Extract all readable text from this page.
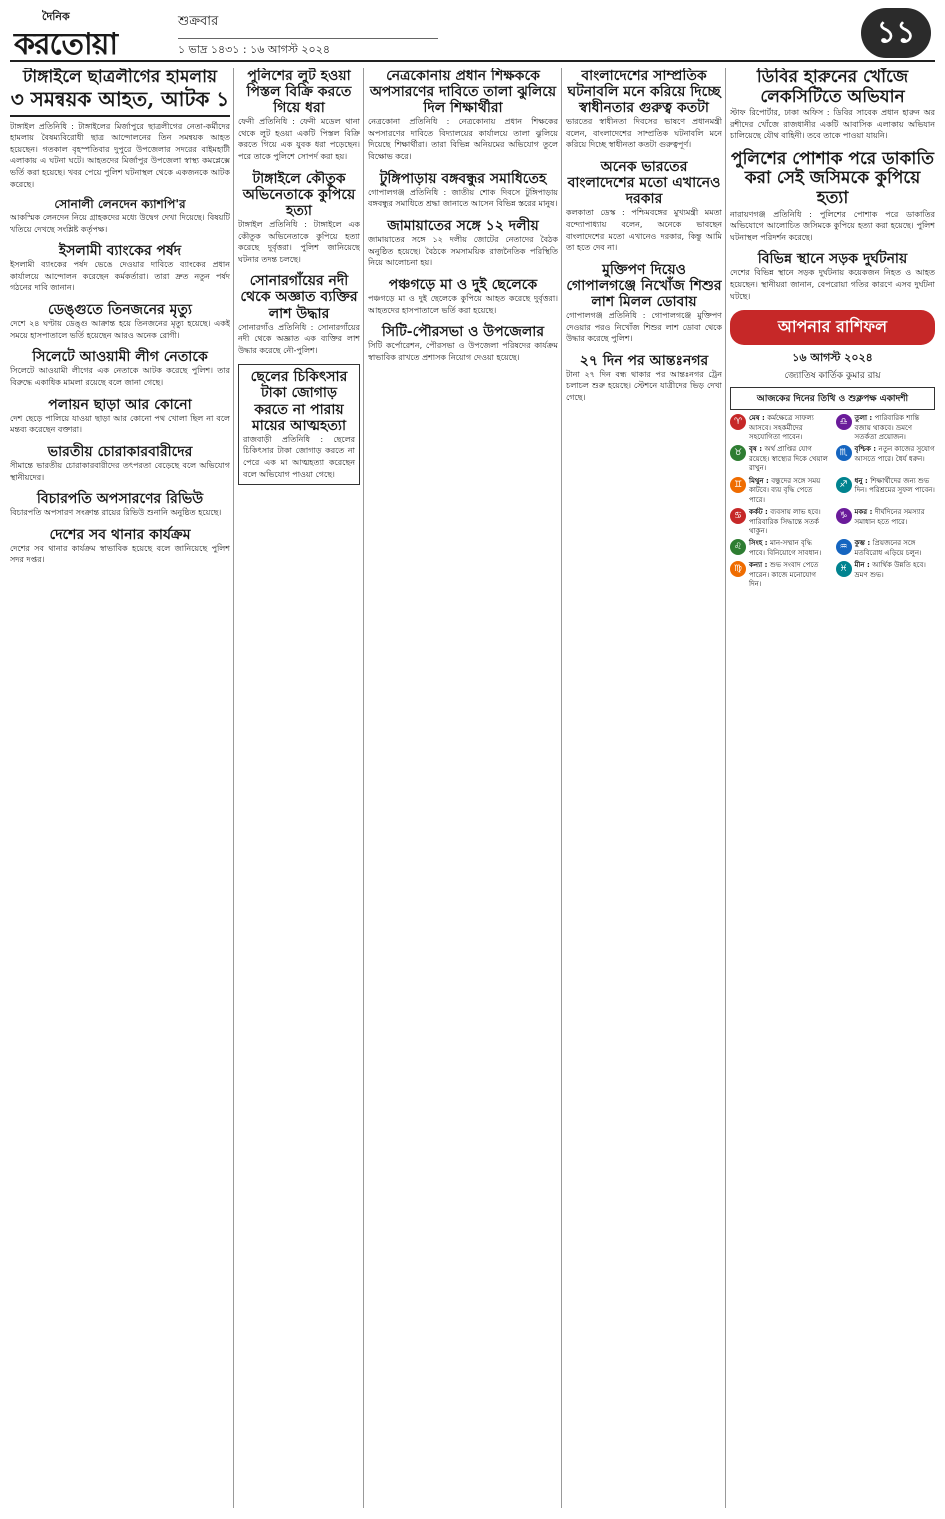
দৈনিক
করতোয়া
শুক্রবার
১ ভাদ্র ১৪৩১ : ১৬ আগস্ট ২০২৪	১১
টাঙ্গাইলে ছাত্রলীগের হামলায়
৩ সমন্বয়ক আহত, আটক ১
টাঙ্গাইল প্রতিনিধি : টাঙ্গাইলের মির্জাপুরে ছাত্রলীগের নেতা-কর্মীদের হামলায় বৈষম্যবিরোধী ছাত্র আন্দোলনের তিন সমন্বয়ক আহত হয়েছেন। গতকাল বৃহস্পতিবার দুপুরে উপজেলার সদরের বাইমহাটী এলাকায় এ ঘটনা ঘটে। আহতদের মির্জাপুর উপজেলা স্বাস্থ্য কমপ্লেক্সে ভর্তি করা হয়েছে। খবর পেয়ে পুলিশ ঘটনাস্থল থেকে একজনকে আটক করেছে।
সোনালী লেনদেন ক্যাশপি'র
আকস্মিক লেনদেন নিয়ে গ্রাহকদের মধ্যে উদ্বেগ দেখা দিয়েছে। বিষয়টি খতিয়ে দেখছে সংশ্লিষ্ট কর্তৃপক্ষ।
ইসলামী ব্যাংকের পর্ষদ
ইসলামী ব্যাংকের পর্ষদ ভেঙে দেওয়ার দাবিতে ব্যাংকের প্রধান কার্যালয়ে আন্দোলন করেছেন কর্মকর্তারা। তারা দ্রুত নতুন পর্ষদ গঠনের দাবি জানান।
ডেঙ্গুতে তিনজনের মৃত্যু
দেশে ২৪ ঘণ্টায় ডেঙ্গু আক্রান্ত হয়ে তিনজনের মৃত্যু হয়েছে। একই সময়ে হাসপাতালে ভর্তি হয়েছেন আরও অনেক রোগী।
সিলেটে আওয়ামী লীগ নেতাকে
সিলেটে আওয়ামী লীগের এক নেতাকে আটক করেছে পুলিশ। তার বিরুদ্ধে একাধিক মামলা রয়েছে বলে জানা গেছে।
পলায়ন ছাড়া আর কোনো
দেশ ছেড়ে পালিয়ে যাওয়া ছাড়া আর কোনো পথ খোলা ছিল না বলে মন্তব্য করেছেন বক্তারা।
ভারতীয় চোরাকারবারীদের
সীমান্তে ভারতীয় চোরাকারবারীদের তৎপরতা বেড়েছে বলে অভিযোগ স্থানীয়দের।
বিচারপতি অপসারণের রিভিউ
বিচারপতি অপসারণ সংক্রান্ত রায়ের রিভিউ শুনানি অনুষ্ঠিত হয়েছে।
দেশের সব থানার কার্যক্রম
দেশের সব থানার কার্যক্রম স্বাভাবিক হয়েছে বলে জানিয়েছে পুলিশ সদর দপ্তর।
পুলিশের লুট হওয়া পিস্তল বিক্রি করতে গিয়ে ধরা
ফেনী প্রতিনিধি : ফেনী মডেল থানা থেকে লুট হওয়া একটি পিস্তল বিক্রি করতে গিয়ে এক যুবক ধরা পড়েছেন। পরে তাকে পুলিশে সোপর্দ করা হয়।
টাঙ্গাইলে কৌতুক অভিনেতাকে কুপিয়ে হত্যা
টাঙ্গাইল প্রতিনিধি : টাঙ্গাইলে এক কৌতুক অভিনেতাকে কুপিয়ে হত্যা করেছে দুর্বৃত্তরা। পুলিশ জানিয়েছে ঘটনার তদন্ত চলছে।
সোনারগাঁয়ের নদী থেকে অজ্ঞাত ব্যক্তির লাশ উদ্ধার
সোনারগাঁও প্রতিনিধি : সোনারগাঁয়ের নদী থেকে অজ্ঞাত এক ব্যক্তির লাশ উদ্ধার করেছে নৌ-পুলিশ।
ছেলের চিকিৎসার টাকা জোগাড় করতে না পারায় মায়ের আত্মহত্যা
রাজবাড়ী প্রতিনিধি : ছেলের চিকিৎসার টাকা জোগাড় করতে না পেরে এক মা আত্মহত্যা করেছেন বলে অভিযোগ পাওয়া গেছে।
নেত্রকোনায় প্রধান শিক্ষককে অপসারণের দাবিতে তালা ঝুলিয়ে দিল শিক্ষার্থীরা
নেত্রকোনা প্রতিনিধি : নেত্রকোনায় প্রধান শিক্ষকের অপসারণের দাবিতে বিদ্যালয়ের কার্যালয়ে তালা ঝুলিয়ে দিয়েছে শিক্ষার্থীরা। তারা বিভিন্ন অনিয়মের অভিযোগ তুলে বিক্ষোভ করে।
টুঙ্গিপাড়ায় বঙ্গবন্ধুর সমাধিতেহ
গোপালগঞ্জ প্রতিনিধি : জাতীয় শোক দিবসে টুঙ্গিপাড়ায় বঙ্গবন্ধুর সমাধিতে শ্রদ্ধা জানাতে আসেন বিভিন্ন স্তরের মানুষ।
জামায়াতের সঙ্গে ১২ দলীয়
জামায়াতের সঙ্গে ১২ দলীয় জোটের নেতাদের বৈঠক অনুষ্ঠিত হয়েছে। বৈঠকে সমসাময়িক রাজনৈতিক পরিস্থিতি নিয়ে আলোচনা হয়।
পঞ্চগড়ে মা ও দুই ছেলেকে
পঞ্চগড়ে মা ও দুই ছেলেকে কুপিয়ে আহত করেছে দুর্বৃত্তরা। আহতদের হাসপাতালে ভর্তি করা হয়েছে।
সিটি-পৌরসভা ও উপজেলার
সিটি কর্পোরেশন, পৌরসভা ও উপজেলা পরিষদের কার্যক্রম স্বাভাবিক রাখতে প্রশাসক নিয়োগ দেওয়া হয়েছে।
বাংলাদেশের সাম্প্রতিক ঘটনাবলি মনে করিয়ে দিচ্ছে স্বাধীনতার গুরুত্ব কতটা
ভারতের স্বাধীনতা দিবসের ভাষণে প্রধানমন্ত্রী বলেন, বাংলাদেশের সাম্প্রতিক ঘটনাবলি মনে করিয়ে দিচ্ছে স্বাধীনতা কতটা গুরুত্বপূর্ণ।
অনেক ভারতের বাংলাদেশের মতো এখানেও দরকার
কলকাতা ডেস্ক : পশ্চিমবঙ্গের মুখ্যমন্ত্রী মমতা বন্দ্যোপাধ্যায় বলেন, অনেকে ভাবছেন বাংলাদেশের মতো এখানেও দরকার, কিন্তু আমি তা হতে দেব না।
মুক্তিপণ দিয়েও গোপালগঞ্জে নিখোঁজ শিশুর লাশ মিলল ডোবায়
গোপালগঞ্জ প্রতিনিধি : গোপালগঞ্জে মুক্তিপণ দেওয়ার পরও নিখোঁজ শিশুর লাশ ডোবা থেকে উদ্ধার করেছে পুলিশ।
২৭ দিন পর আন্তঃনগর
টানা ২৭ দিন বন্ধ থাকার পর আন্তঃনগর ট্রেন চলাচল শুরু হয়েছে। স্টেশনে যাত্রীদের ভিড় দেখা গেছে।
ডিবির হারুনের খোঁজে লেকসিটিতে অভিযান
স্টাফ রিপোর্টার, ঢাকা অফিস : ডিবির সাবেক প্রধান হারুন অর রশীদের খোঁজে রাজধানীর একটি আবাসিক এলাকায় অভিযান চালিয়েছে যৌথ বাহিনী। তবে তাকে পাওয়া যায়নি।
পুলিশের পোশাক পরে ডাকাতি করা সেই জসিমকে কুপিয়ে হত্যা
নারায়ণগঞ্জ প্রতিনিধি : পুলিশের পোশাক পরে ডাকাতির অভিযোগে আলোচিত জসিমকে কুপিয়ে হত্যা করা হয়েছে। পুলিশ ঘটনাস্থল পরিদর্শন করেছে।
বিভিন্ন স্থানে সড়ক দুর্ঘটনায়
দেশের বিভিন্ন স্থানে সড়ক দুর্ঘটনায় কয়েকজন নিহত ও আহত হয়েছেন। স্থানীয়রা জানান, বেপরোয়া গতির কারণে এসব দুর্ঘটনা ঘটছে।
আপনার রাশিফল
১৬ আগস্ট ২০২৪
জ্যোতিষ কার্তিক কুমার রায়
আজকের দিনের তিথি ও শুক্লপক্ষ একাদশী
♈ মেষ : কর্মক্ষেত্রে সাফল্য আসবে। সহকর্মীদের সহযোগিতা পাবেন।
♎ তুলা : পারিবারিক শান্তি বজায় থাকবে। ভ্রমণে সতর্কতা প্রয়োজন।
♉ বৃষ : অর্থ প্রাপ্তির যোগ রয়েছে। স্বাস্থ্যের দিকে খেয়াল রাখুন।
♏ বৃশ্চিক : নতুন কাজের সুযোগ আসতে পারে। ধৈর্য ধরুন।
♊ মিথুন : বন্ধুদের সঙ্গে সময় কাটবে। ব্যয় বৃদ্ধি পেতে পারে।
♐ ধনু : শিক্ষার্থীদের জন্য শুভ দিন। পরিশ্রমের সুফল পাবেন।
♋ কর্কট : ব্যবসায় লাভ হবে। পারিবারিক সিদ্ধান্তে সতর্ক থাকুন।
♑ মকর : দীর্ঘদিনের সমস্যার সমাধান হতে পারে।
♌ সিংহ : মান-সম্মান বৃদ্ধি পাবে। বিনিয়োগে সাবধান।
♒ কুম্ভ : প্রিয়জনের সঙ্গে মতবিরোধ এড়িয়ে চলুন।
♍ কন্যা : শুভ সংবাদ পেতে পারেন। কাজে মনোযোগ দিন।
♓ মীন : আর্থিক উন্নতি হবে। ভ্রমণ শুভ।
